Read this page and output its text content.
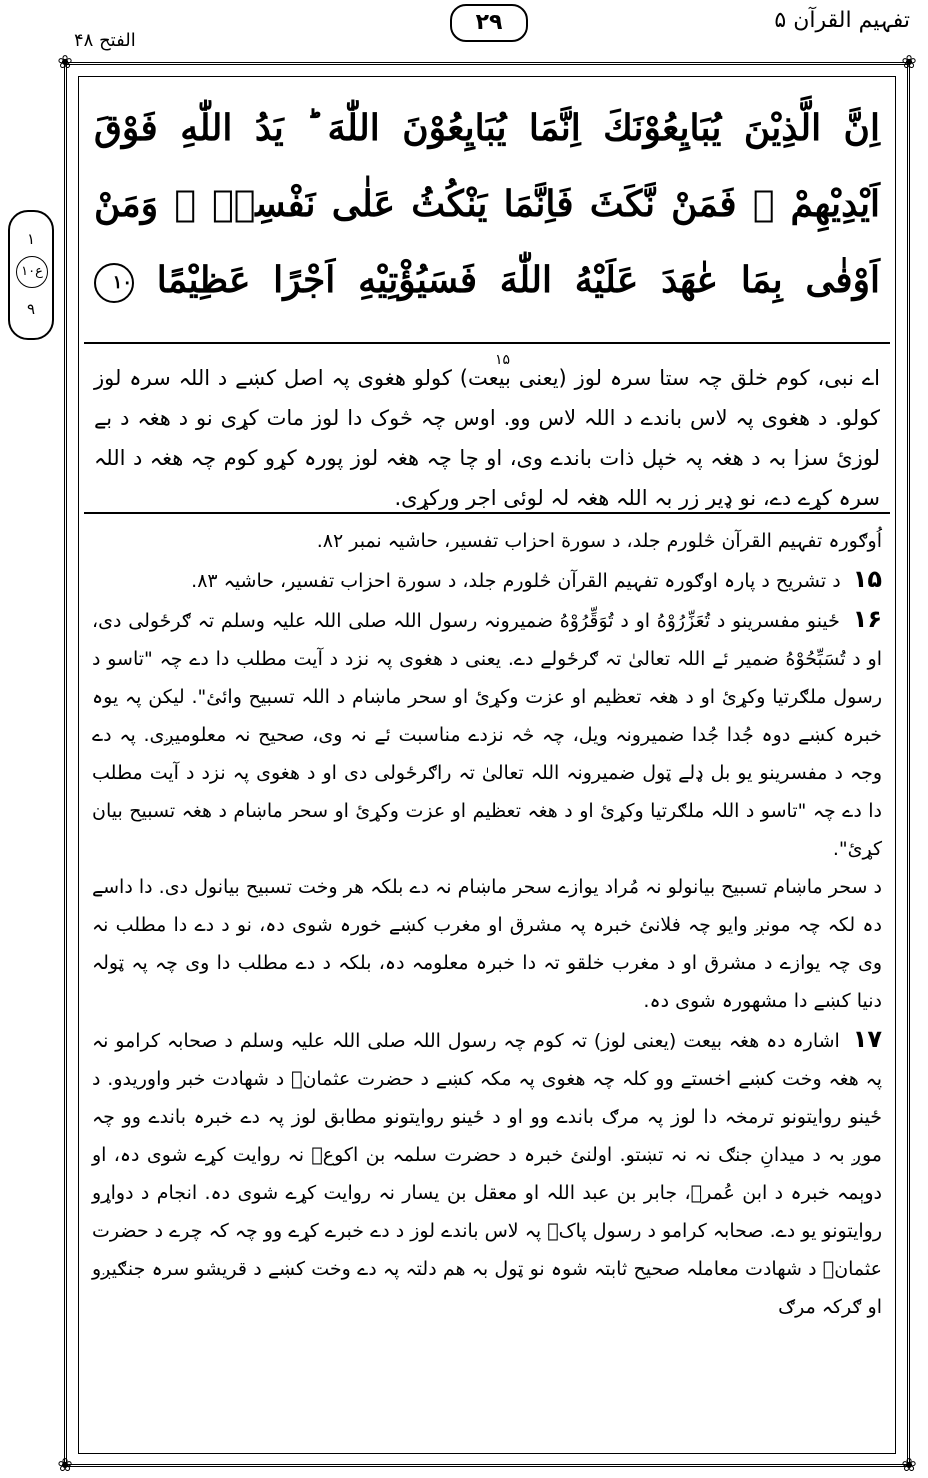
تفہیم القرآن ۵
۲۹
الفتح ۴۸
۱
ع۱۰
۹
❀	❀
❀	❀
اِنَّ الَّذِيْنَ يُبَايِعُوْنَكَ اِنَّمَا يُبَايِعُوْنَ اللّٰهَ ؕ يَدُ اللّٰهِ فَوْقَ اَيْدِيْهِمْ ۚ فَمَنْ نَّكَثَ فَاِنَّمَا يَنْكُثُ عَلٰى نَفْسِهٖ ۚ وَمَنْ اَوْفٰى بِمَا عٰهَدَ عَلَيْهُ اللّٰهَ فَسَيُؤْتِيْهِ اَجْرًا عَظِيْمًا ۱۰
۱۵
اے نبی، کوم خلق چہ ستا سرہ لوز (یعنی بیعت) کولو هغوی پہ اصل کښے د اللہ سرہ لوز کولو. د هغوی پہ لاس باندے د اللہ لاس وو. اوس چہ څوک دا لوز مات کړی نو د هغہ د بے لوزئ سزا بہ د هغہ پہ خپل ذات باندے وی، او چا چہ هغہ لوز پورہ کړو کوم چہ هغہ د اللہ سرہ کړے دے، نو ډیر زر بہ اللہ هغہ لہ لوئی اجر ورکړی.

اُوګورہ تفہیم القرآن څلورم جلد، د سورة احزاب تفسیر، حاشیہ نمبر ۸۲.

۱۵ د تشریح د پارہ اوګورہ تفہیم القرآن څلورم جلد، د سورة احزاب تفسیر، حاشیہ ۸۳.

۱۶ ځینو مفسرینو د تُعَزِّرُوْهُ او د تُوَقِّرُوْهُ ضمیرونہ رسول اللہ صلی اللہ علیہ وسلم تہ ګرځولی دی، او د تُسَبِّحُوْهُ ضمیر ئے اللہ تعالیٰ تہ ګرځولے دے. یعنی د هغوی پہ نزد د آیت مطلب دا دے چہ "تاسو د رسول ملګرتیا وکړئ او د هغہ تعظیم او عزت وکړئ او سحر ماښام د اللہ تسبیح وائئ". لیکن پہ یوہ خبرہ کښے دوہ جُدا جُدا ضمیرونہ ویل، چہ څہ نزدے مناسبت ئے نہ وی، صحیح نہ معلومیږی. پہ دے وجہ د مفسرینو یو بل ډلے ټول ضمیرونہ اللہ تعالیٰ تہ راګرځولی دی او د هغوی پہ نزد د آیت مطلب دا دے چہ "تاسو د اللہ ملګرتیا وکړئ او د هغہ تعظیم او عزت وکړئ او سحر ماښام د هغہ تسبیح بیان کړئ".

د سحر ماښام تسبیح بیانولو نہ مُراد یوازے سحر ماښام نہ دے بلکہ هر وخت تسبیح بیانول دی. دا داسے دہ لکہ چہ مونږ وایو چہ فلانئ خبرہ پہ مشرق او مغرب کښے خورہ شوی دہ، نو د دے دا مطلب نہ وی چہ یوازے د مشرق او د مغرب خلقو تہ دا خبرہ معلومہ دہ، بلکہ د دے مطلب دا وی چہ پہ ټولہ دنیا کښے دا مشهورہ شوی دہ.

۱۷ اشارہ دہ هغہ بیعت (یعنی لوز) تہ کوم چہ رسول اللہ صلی اللہ علیہ وسلم د صحابہ کرامو نہ پہ هغہ وخت کښے اخستے وو کلہ چہ هغوی پہ مکہ کښے د حضرت عثمانؓ د شهادت خبر واوریدو. د ځینو روایتونو ترمخہ دا لوز پہ مرګ باندے وو او د ځینو روایتونو مطابق لوز پہ دے خبرہ باندے وو چہ موږ بہ د میدانِ جنګ نہ نہ تښتو. اولنئ خبرہ د حضرت سلمہ بن اکوعؓ نہ روایت کړے شوی دہ، او دوېمہ خبرہ د ابن عُمرؓ، جابر بن عبد اللہ او معقل بن یسار نہ روایت کړے شوی دہ. انجام د دواړو روایتونو یو دے. صحابہ کرامو د رسول پاکؐ پہ لاس باندے لوز د دے خبرے کړے وو چہ کہ چرے د حضرت عثمانؓ د شهادت معاملہ صحیح ثابتہ شوہ نو ټول بہ هم دلتہ پہ دے وخت کښے د قریشو سرہ جنګیږو او ګرکہ مرګ
